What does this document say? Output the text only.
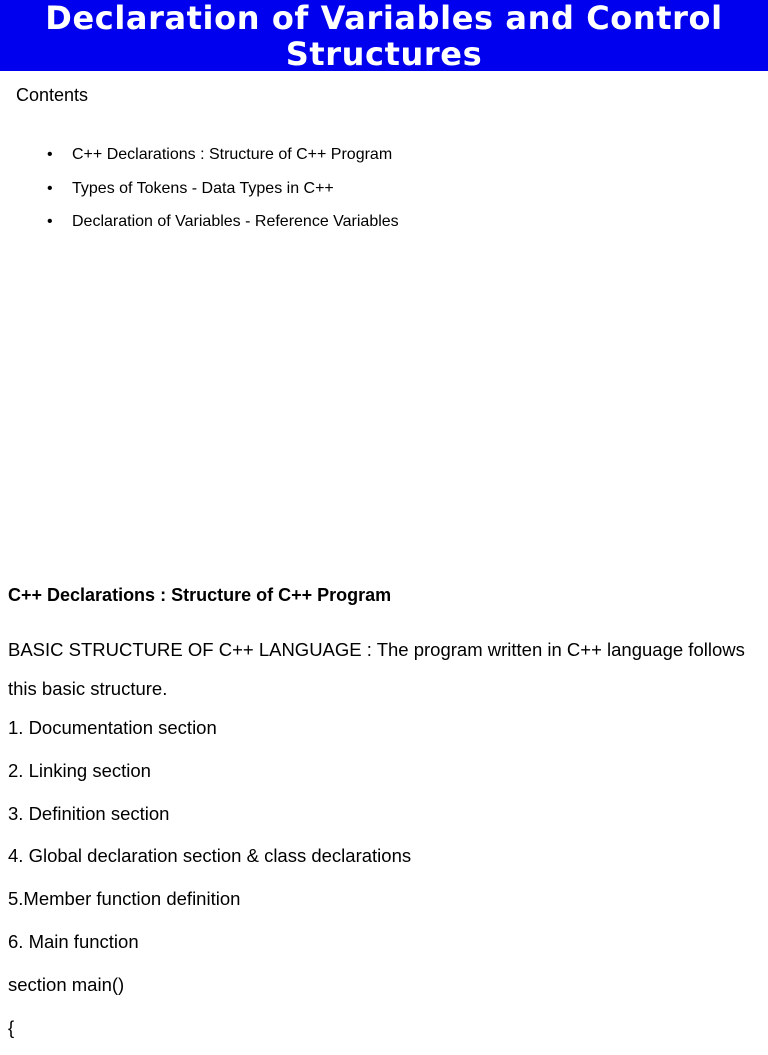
Declaration of Variables and Control
Structures
Contents
• C++ Declarations : Structure of C++ Program
• Types of Tokens - Data Types in C++
• Declaration of Variables - Reference Variables
C++ Declarations : Structure of C++ Program

BASIC STRUCTURE OF C++ LANGUAGE : The program written in C++ language follows this basic structure.

1. Documentation section
2. Linking section
3. Definition section
4. Global declaration section & class declarations
5.Member function definition
6. Main function
section main()
{
